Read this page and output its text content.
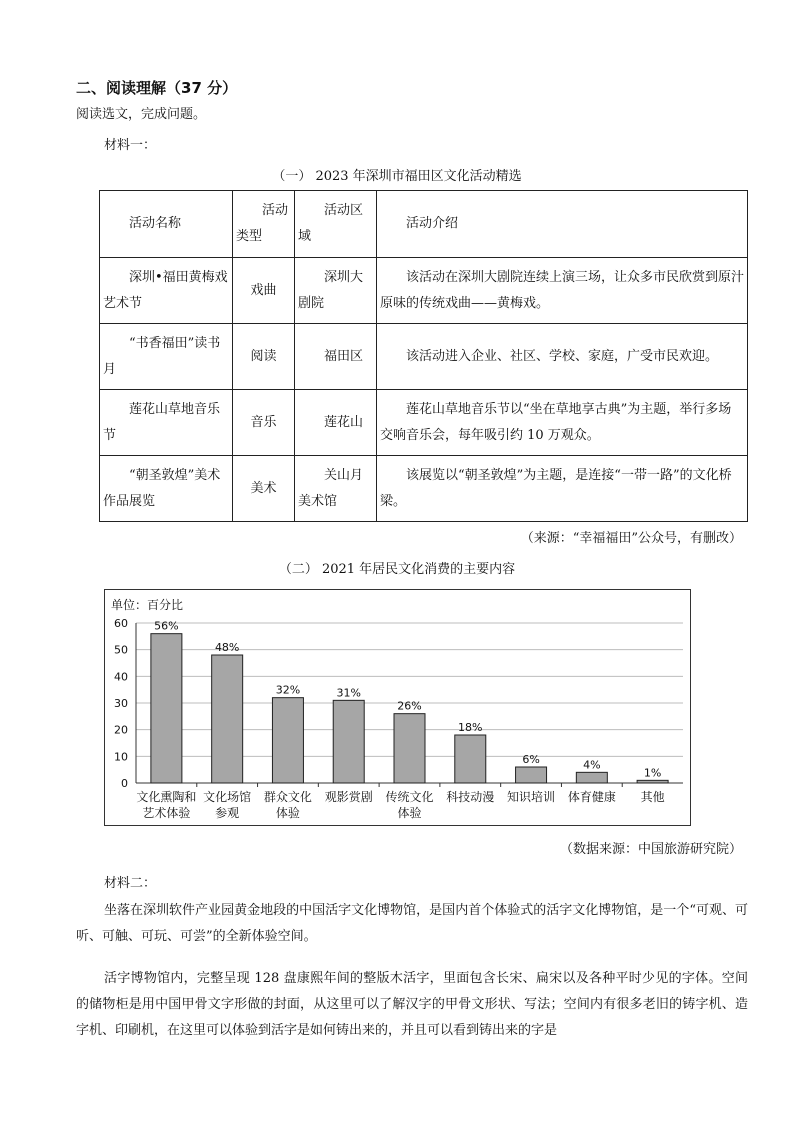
二、阅读理解（37 分）
阅读选文，完成问题。
材料一：
（一） 2023 年深圳市福田区文化活动精选
活动名称	活动类型	活动区域	活动介绍
深圳•福田黄梅戏艺术节	戏曲	深圳大剧院	该活动在深圳大剧院连续上演三场，让众多市民欣赏到原汁原味的传统戏曲——黄梅戏。
“书香福田”读书月	阅读	福田区	该活动进入企业、社区、学校、家庭，广受市民欢迎。
莲花山草地音乐节	音乐	莲花山	莲花山草地音乐节以“坐在草地享古典”为主题，举行多场交响音乐会，每年吸引约 10 万观众。
“朝圣敦煌”美术作品展览	美术	关山月美术馆	该展览以“朝圣敦煌”为主题，是连接“一带一路”的文化桥梁。
（来源：“幸福福田”公众号，有删改）
（二） 2021 年居民文化消费的主要内容
单位：百分比
0
10
20
30
40
50
60 56%
文化熏陶和
艺术体验
48%
文化场馆
参观
32%
群众文化
体验
31%
观影赏剧
26%
传统文化
体验
18%
科技动漫
6%
知识培训
4%
体育健康
1%
其他
（数据来源：中国旅游研究院）
材料二：
坐落在深圳软件产业园黄金地段的中国活字文化博物馆，是国内首个体验式的活字文化博物馆，是一个“可观、可听、可触、可玩、可尝”的全新体验空间。
活字博物馆内，完整呈现 128 盘康熙年间的整版木活字，里面包含长宋、扁宋以及各种平时少见的字体。空间的储物柜是用中国甲骨文字形做的封面，从这里可以了解汉字的甲骨文形状、写法；空间内有很多老旧的铸字机、造字机、印刷机，在这里可以体验到活字是如何铸出来的，并且可以看到铸出来的字是
